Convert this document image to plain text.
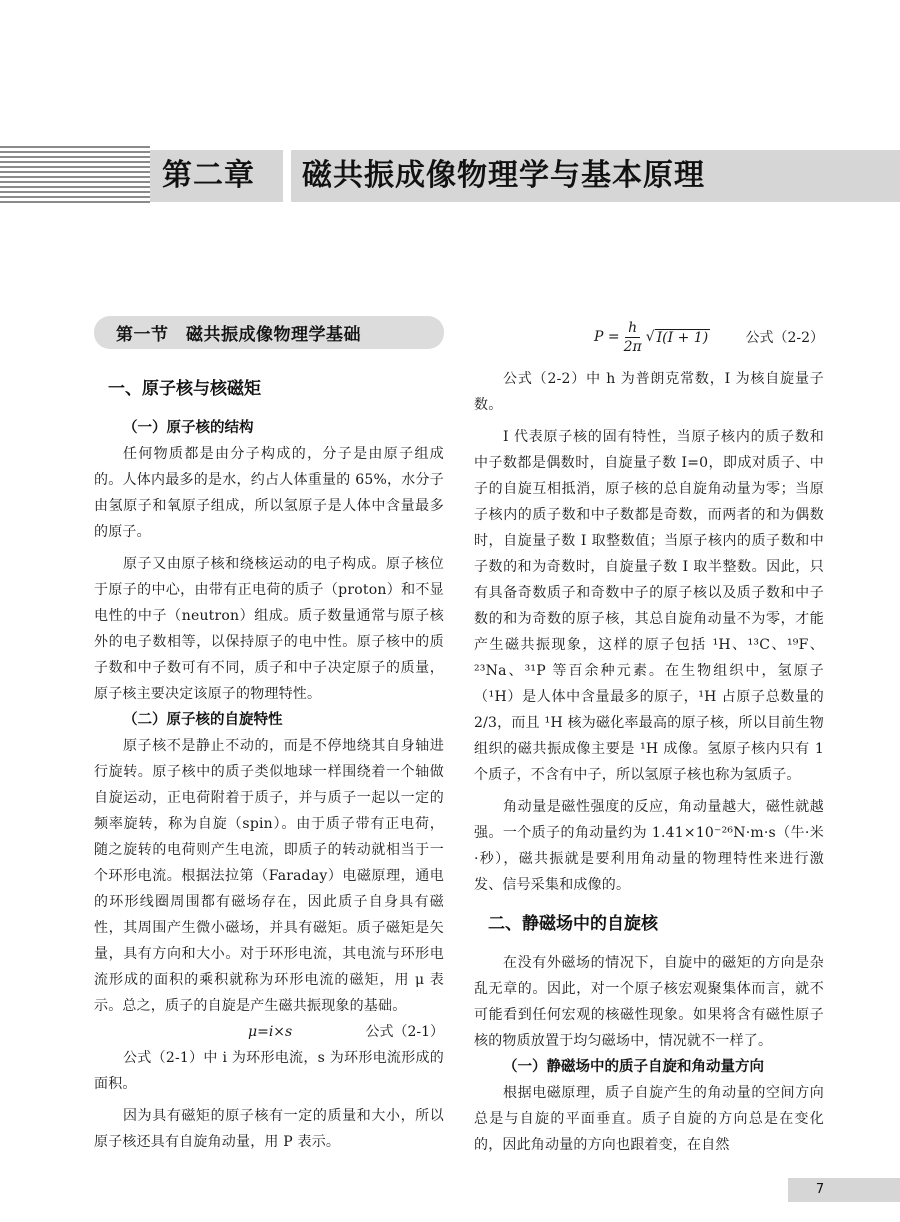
第二章 磁共振成像物理学与基本原理
第一节　磁共振成像物理学基础
一、原子核与核磁矩
（一）原子核的结构

任何物质都是由分子构成的，分子是由原子组成的。人体内最多的是水，约占人体重量的 65%，水分子由氢原子和氧原子组成，所以氢原子是人体中含量最多的原子。

原子又由原子核和绕核运动的电子构成。原子核位于原子的中心，由带有正电荷的质子（proton）和不显电性的中子（neutron）组成。质子数量通常与原子核外的电子数相等，以保持原子的电中性。原子核中的质子数和中子数可有不同，质子和中子决定原子的质量，原子核主要决定该原子的物理特性。

（二）原子核的自旋特性

原子核不是静止不动的，而是不停地绕其自身轴进行旋转。原子核中的质子类似地球一样围绕着一个轴做自旋运动，正电荷附着于质子，并与质子一起以一定的频率旋转，称为自旋（spin）。由于质子带有正电荷，随之旋转的电荷则产生电流，即质子的转动就相当于一个环形电流。根据法拉第（Faraday）电磁原理，通电的环形线圈周围都有磁场存在，因此质子自身具有磁性，其周围产生微小磁场，并具有磁矩。质子磁矩是矢量，具有方向和大小。对于环形电流，其电流与环形电流形成的面积的乘积就称为环形电流的磁矩，用 μ 表示。总之，质子的自旋是产生磁共振现象的基础。

μ=i×s	公式（2-1）

公式（2-1）中 i 为环形电流，s 为环形电流形成的面积。

因为具有磁矩的原子核有一定的质量和大小，所以原子核还具有自旋角动量，用 P 表示。

$P = \frac{h}{2\pi}$ √ I(I + 1)	公式（2-2）

公式（2-2）中 h 为普朗克常数，I 为核自旋量子数。

I 代表原子核的固有特性，当原子核内的质子数和中子数都是偶数时，自旋量子数 I=0，即成对质子、中子的自旋互相抵消，原子核的总自旋角动量为零；当原子核内的质子数和中子数都是奇数，而两者的和为偶数时，自旋量子数 I 取整数值；当原子核内的质子数和中子数的和为奇数时，自旋量子数 I 取半整数。因此，只有具备奇数质子和奇数中子的原子核以及质子数和中子数的和为奇数的原子核，其总自旋角动量不为零，才能产生磁共振现象，这样的原子包括 ¹H、¹³C、¹⁹F、²³Na、³¹P 等百余种元素。在生物组织中，氢原子（¹H）是人体中含量最多的原子，¹H 占原子总数量的 2/3，而且 ¹H 核为磁化率最高的原子核，所以目前生物组织的磁共振成像主要是 ¹H 成像。氢原子核内只有 1 个质子，不含有中子，所以氢原子核也称为氢质子。

角动量是磁性强度的反应，角动量越大，磁性就越强。一个质子的角动量约为 1.41×10⁻²⁶N·m·s（牛·米·秒），磁共振就是要利用角动量的物理特性来进行激发、信号采集和成像的。

二、静磁场中的自旋核

在没有外磁场的情况下，自旋中的磁矩的方向是杂乱无章的。因此，对一个原子核宏观聚集体而言，就不可能看到任何宏观的核磁性现象。如果将含有磁性原子核的物质放置于均匀磁场中，情况就不一样了。

（一）静磁场中的质子自旋和角动量方向

根据电磁原理，质子自旋产生的角动量的空间方向总是与自旋的平面垂直。质子自旋的方向总是在变化的，因此角动量的方向也跟着变，在自然

7
